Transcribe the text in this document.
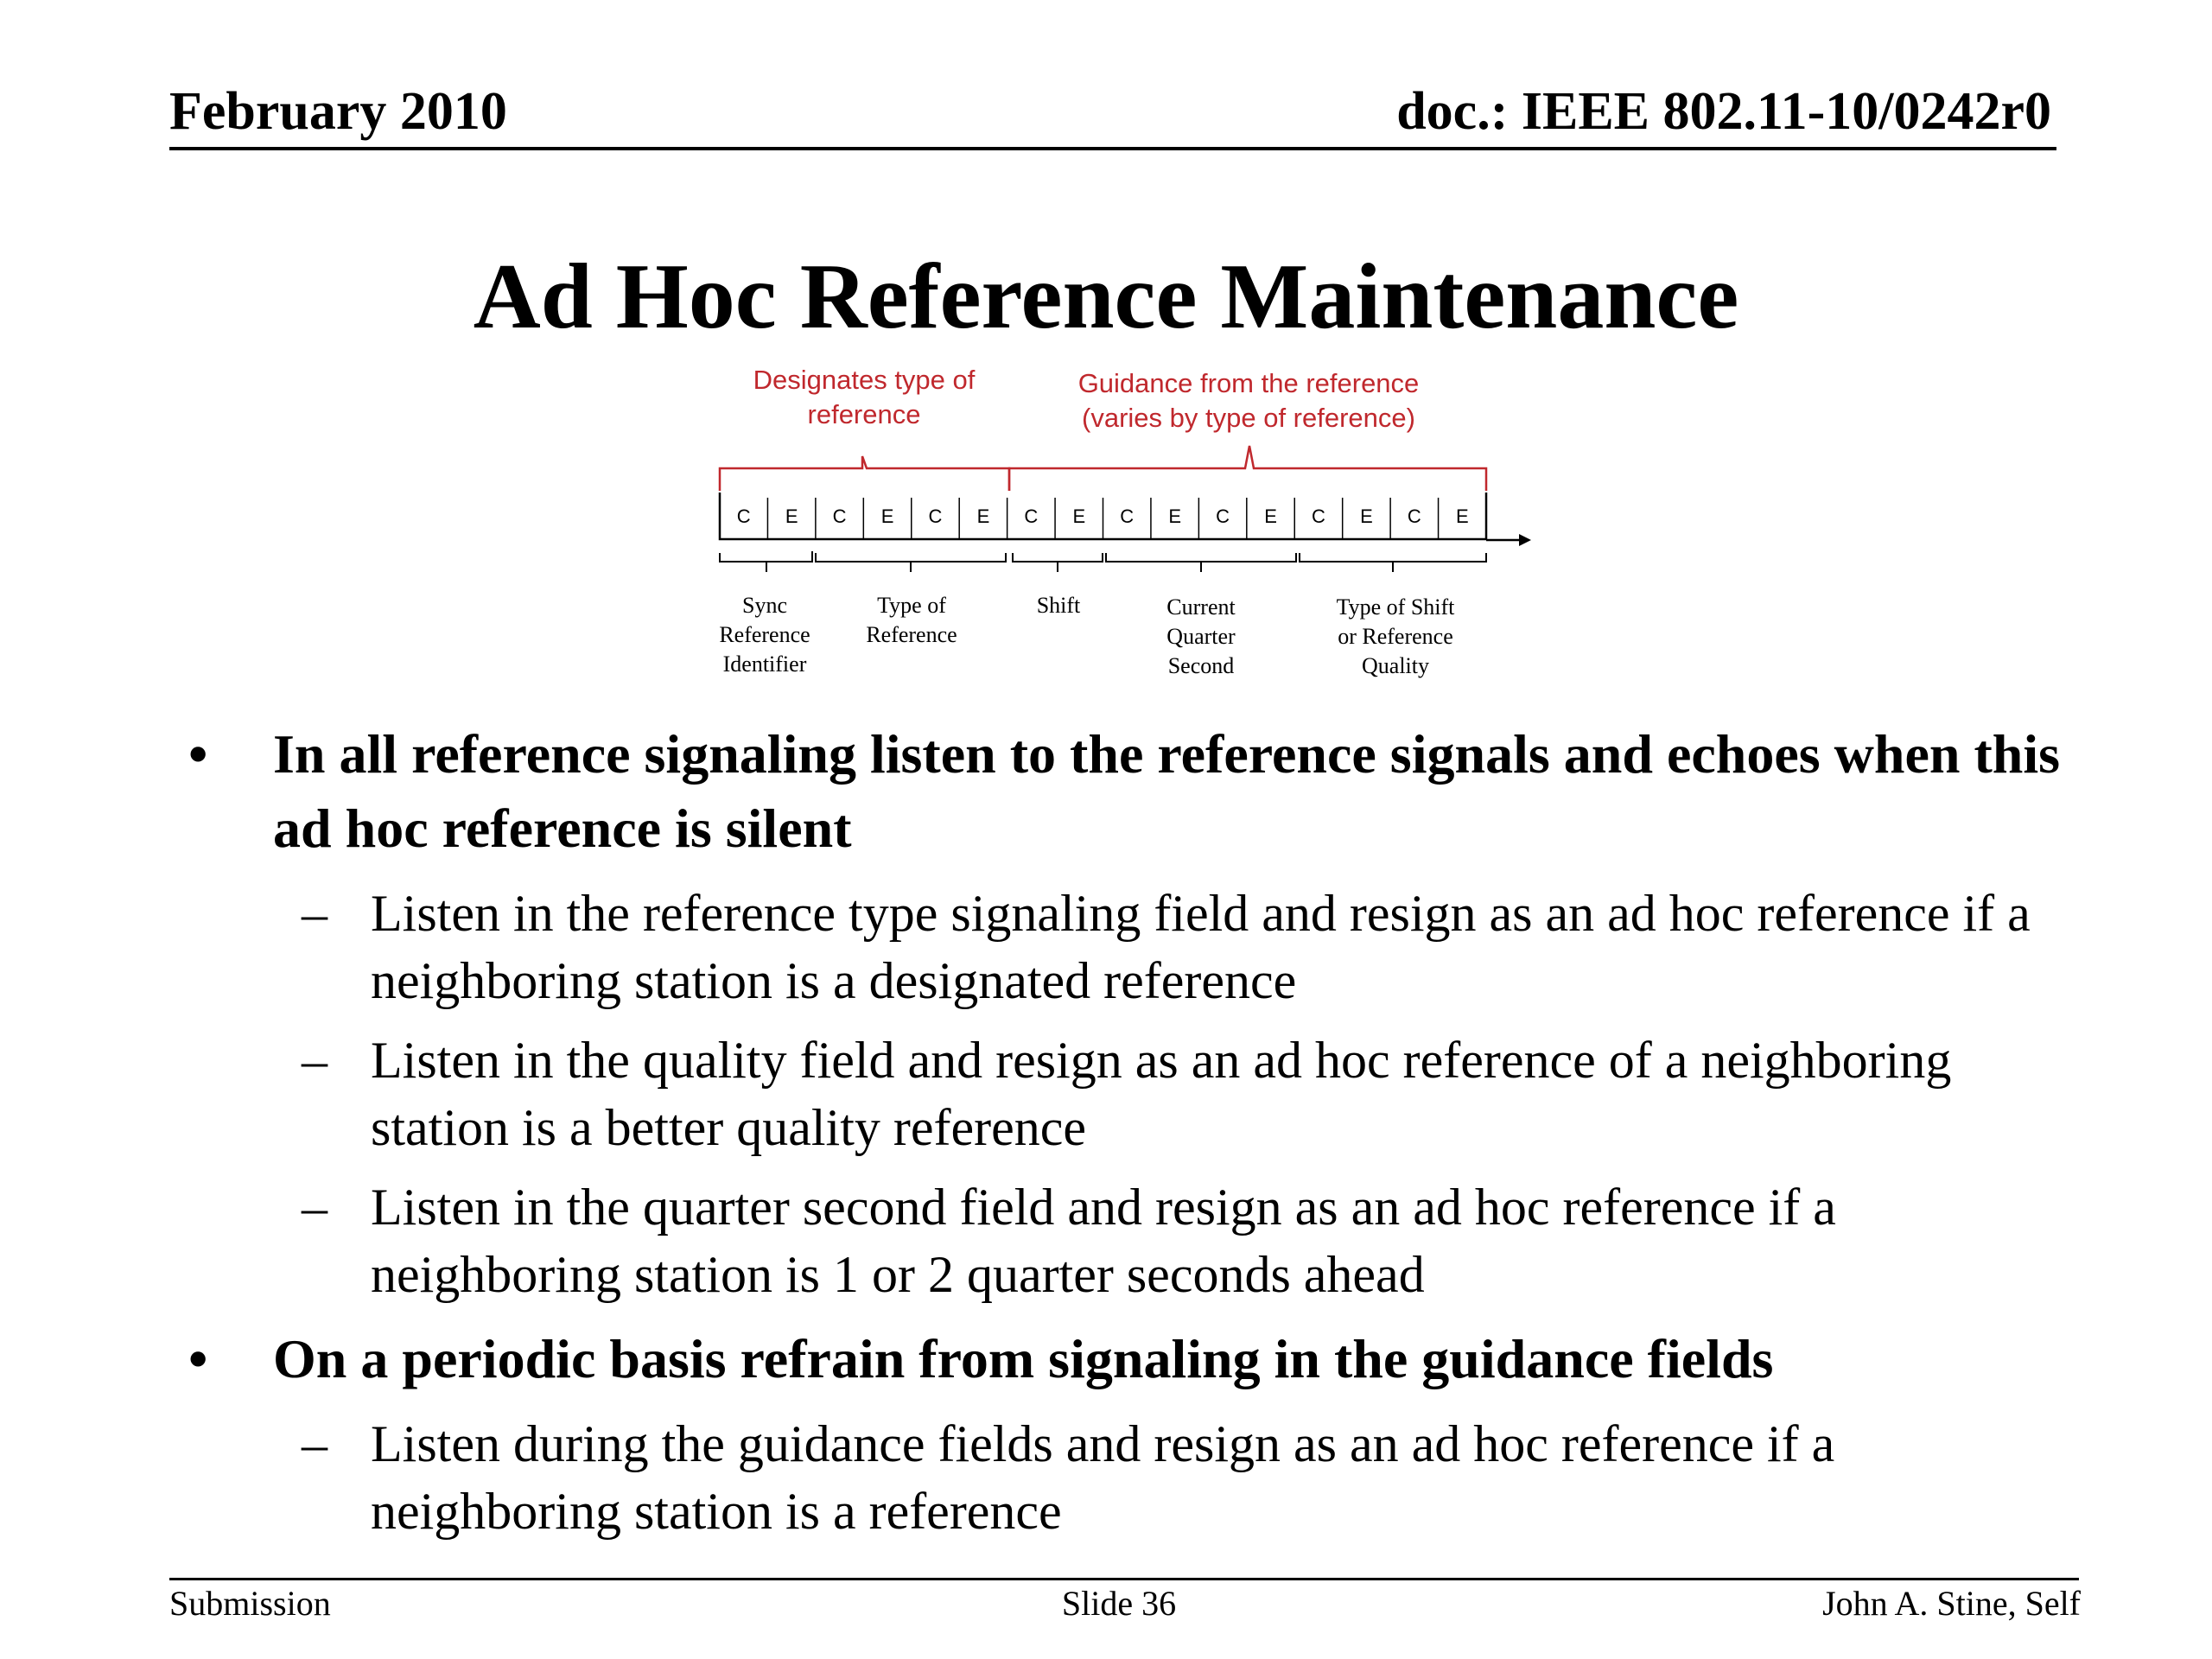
February 2010	doc.: IEEE 802.11-10/0242r0
Ad Hoc Reference Maintenance
Designates type of
reference
Guidance from the reference
(varies by type of reference)
C E C E C E C E C E C E C E C E
Sync
Reference
Identifier
Type of
Reference
Shift	Current
Quarter
Second
Type of Shift
or Reference
Quality
• In all reference signaling listen to the reference signals and echoes when this ad hoc reference is silent
– Listen in the reference type signaling field and resign as an ad hoc reference if a neighboring station is a designated reference
– Listen in the quality field and resign as an ad hoc reference of a neighboring station is a better quality reference
– Listen in the quarter second field and resign as an ad hoc reference if a neighboring station is 1 or 2 quarter seconds ahead
• On a periodic basis refrain from signaling in the guidance fields
– Listen during the guidance fields and resign as an ad hoc reference if a neighboring station is a reference
Submission	Slide 36	John A. Stine, Self
